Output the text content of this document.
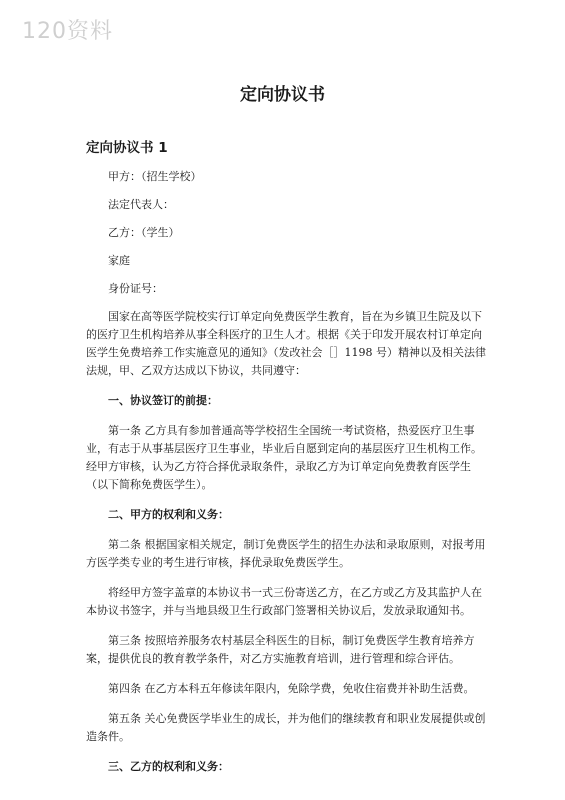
120资料
定向协议书
定向协议书 1

甲方：（招生学校）

法定代表人：

乙方：（学生）

家庭

身份证号：

国家在高等医学院校实行订单定向免费医学生教育，旨在为乡镇卫生院及以下的医疗卫生机构培养从事全科医疗的卫生人才。根据《关于印发开展农村订单定向医学生免费培养工作实施意见的通知》（发改社会［］1198 号）精神以及相关法律法规，甲、乙双方达成以下协议，共同遵守：

一、协议签订的前提：

第一条 乙方具有参加普通高等学校招生全国统一考试资格，热爱医疗卫生事业，有志于从事基层医疗卫生事业，毕业后自愿到定向的基层医疗卫生机构工作。经甲方审核，认为乙方符合择优录取条件，录取乙方为订单定向免费教育医学生（以下简称免费医学生）。

二、甲方的权利和义务：

第二条 根据国家相关规定，制订免费医学生的招生办法和录取原则，对报考用方医学类专业的考生进行审核，择优录取免费医学生。

将经甲方签字盖章的本协议书一式三份寄送乙方，在乙方或乙方及其监护人在本协议书签字，并与当地县级卫生行政部门签署相关协议后，发放录取通知书。

第三条 按照培养服务农村基层全科医生的目标，制订免费医学生教育培养方案，提供优良的教育教学条件，对乙方实施教育培训，进行管理和综合评估。

第四条 在乙方本科五年修读年限内，免除学费，免收住宿费并补助生活费。

第五条 关心免费医学毕业生的成长，并为他们的继续教育和职业发展提供或创造条件。

三、乙方的权利和义务：
